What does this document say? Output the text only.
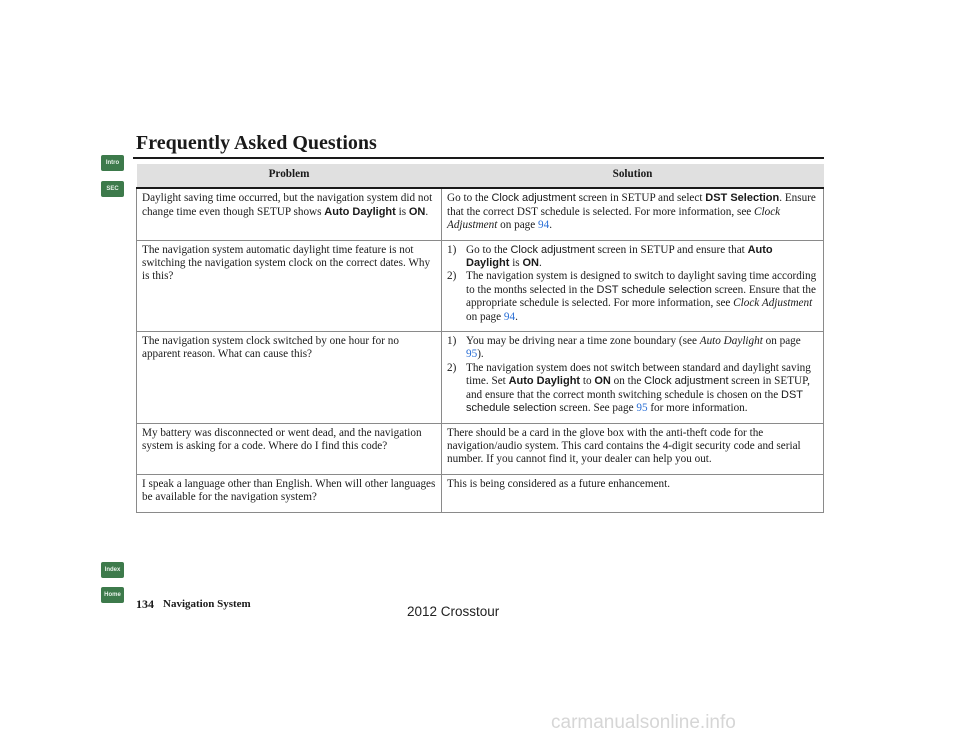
Frequently Asked Questions
Intro
SEC
Index
Home
Problem	Solution
Daylight saving time occurred, but the navigation system did not change time even though SETUP shows Auto Daylight is ON.	Go to the Clock adjustment screen in SETUP and select DST Selection. Ensure that the correct DST schedule is selected. For more information, see Clock Adjustment on page 94.
The navigation system automatic daylight time feature is not switching the navigation system clock on the correct dates. Why is this?	1) Go to the Clock adjustment screen in SETUP and ensure that Auto Daylight is ON.
2) The navigation system is designed to switch to daylight saving time according to the months selected in the DST schedule selection screen. Ensure that the appropriate schedule is selected. For more information, see Clock Adjustment on page 94.

The navigation system clock switched by one hour for no apparent reason. What can cause this?	1) You may be driving near a time zone boundary (see Auto Daylight on page 95).
2) The navigation system does not switch between standard and daylight saving time. Set Auto Daylight to ON on the Clock adjustment screen in SETUP, and ensure that the correct month switching schedule is chosen on the DST schedule selection screen. See page 95 for more information.

My battery was disconnected or went dead, and the navigation system is asking for a code. Where do I find this code?	There should be a card in the glove box with the anti-theft code for the navigation/audio system. This card contains the 4-digit security code and serial number. If you cannot find it, your dealer can help you out.
I speak a language other than English. When will other languages be available for the navigation system?	This is being considered as a future enhancement.
134 Navigation System	2012 Crosstour
carmanualsonline.info
